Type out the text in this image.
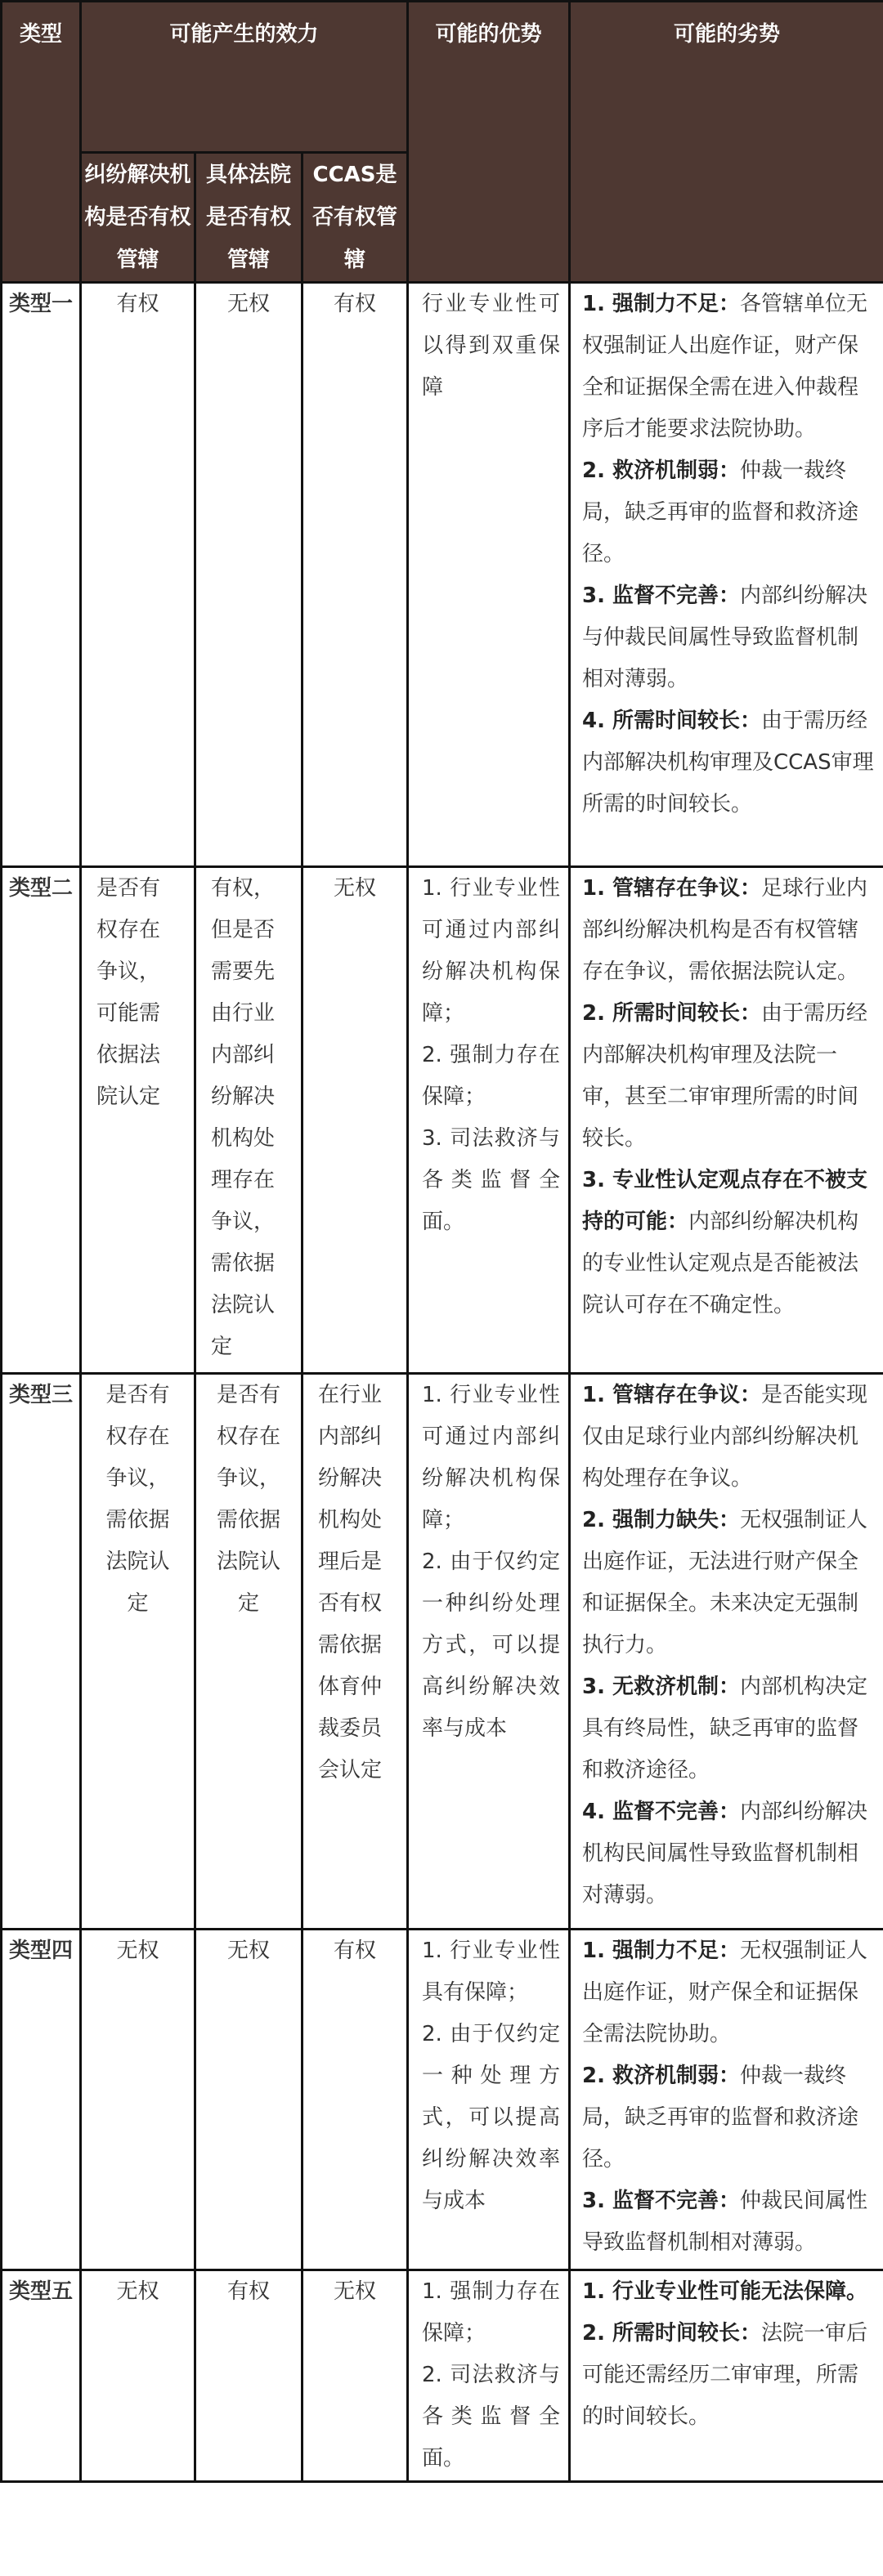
类型	可能产生的效力			可能的优势	可能的劣势
	纠纷解决机构是否有权管辖	具体法院是否有权管辖	CCAS是否有权管辖		
类型一	有权	无权	有权	行业专业性可以得到双重保障	1. 强制力不足：各管辖单位无权强制证人出庭作证，财产保全和证据保全需在进入仲裁程序后才能要求法院协助。
2. 救济机制弱：仲裁一裁终局，缺乏再审的监督和救济途径。
3. 监督不完善：内部纠纷解决与仲裁民间属性导致监督机制相对薄弱。
4. 所需时间较长：由于需历经内部解决机构审理及CCAS审理所需的时间较长。

类型二	是否有权存在争议，可能需依据法院认定	有权，但是否需要先由行业内部纠纷解决机构处理存在争议，需依据法院认定	无权	1. 行业专业性可通过内部纠纷解决机构保障；
2. 强制力存在保障；
3. 司法救济与各类监督全面。	1. 管辖存在争议：足球行业内部纠纷解决机构是否有权管辖存在争议，需依据法院认定。
2. 所需时间较长：由于需历经内部解决机构审理及法院一审，甚至二审审理所需的时间较长。
3. 专业性认定观点存在不被支持的可能：内部纠纷解决机构的专业性认定观点是否能被法院认可存在不确定性。

类型三	是否有权存在争议，需依据法院认定	是否有权存在争议，需依据法院认定	在行业内部纠纷解决机构处理后是否有权需依据体育仲裁委员会认定	1. 行业专业性可通过内部纠纷解决机构保障；
2. 由于仅约定一种纠纷处理方式，可以提高纠纷解决效率与成本	1. 管辖存在争议：是否能实现仅由足球行业内部纠纷解决机构处理存在争议。
2. 强制力缺失：无权强制证人出庭作证，无法进行财产保全和证据保全。未来决定无强制执行力。
3. 无救济机制：内部机构决定具有终局性，缺乏再审的监督和救济途径。
4. 监督不完善：内部纠纷解决机构民间属性导致监督机制相对薄弱。

类型四	无权	无权	有权	1. 行业专业性具有保障；
2. 由于仅约定一种处理方式，可以提高纠纷解决效率与成本	1. 强制力不足：无权强制证人出庭作证，财产保全和证据保全需法院协助。
2. 救济机制弱：仲裁一裁终局，缺乏再审的监督和救济途径。
3. 监督不完善：仲裁民间属性导致监督机制相对薄弱。

类型五	无权	有权	无权	1. 强制力存在保障；
2. 司法救济与各类监督全面。	1. 行业专业性可能无法保障。
2. 所需时间较长：法院一审后可能还需经历二审审理，所需的时间较长。
